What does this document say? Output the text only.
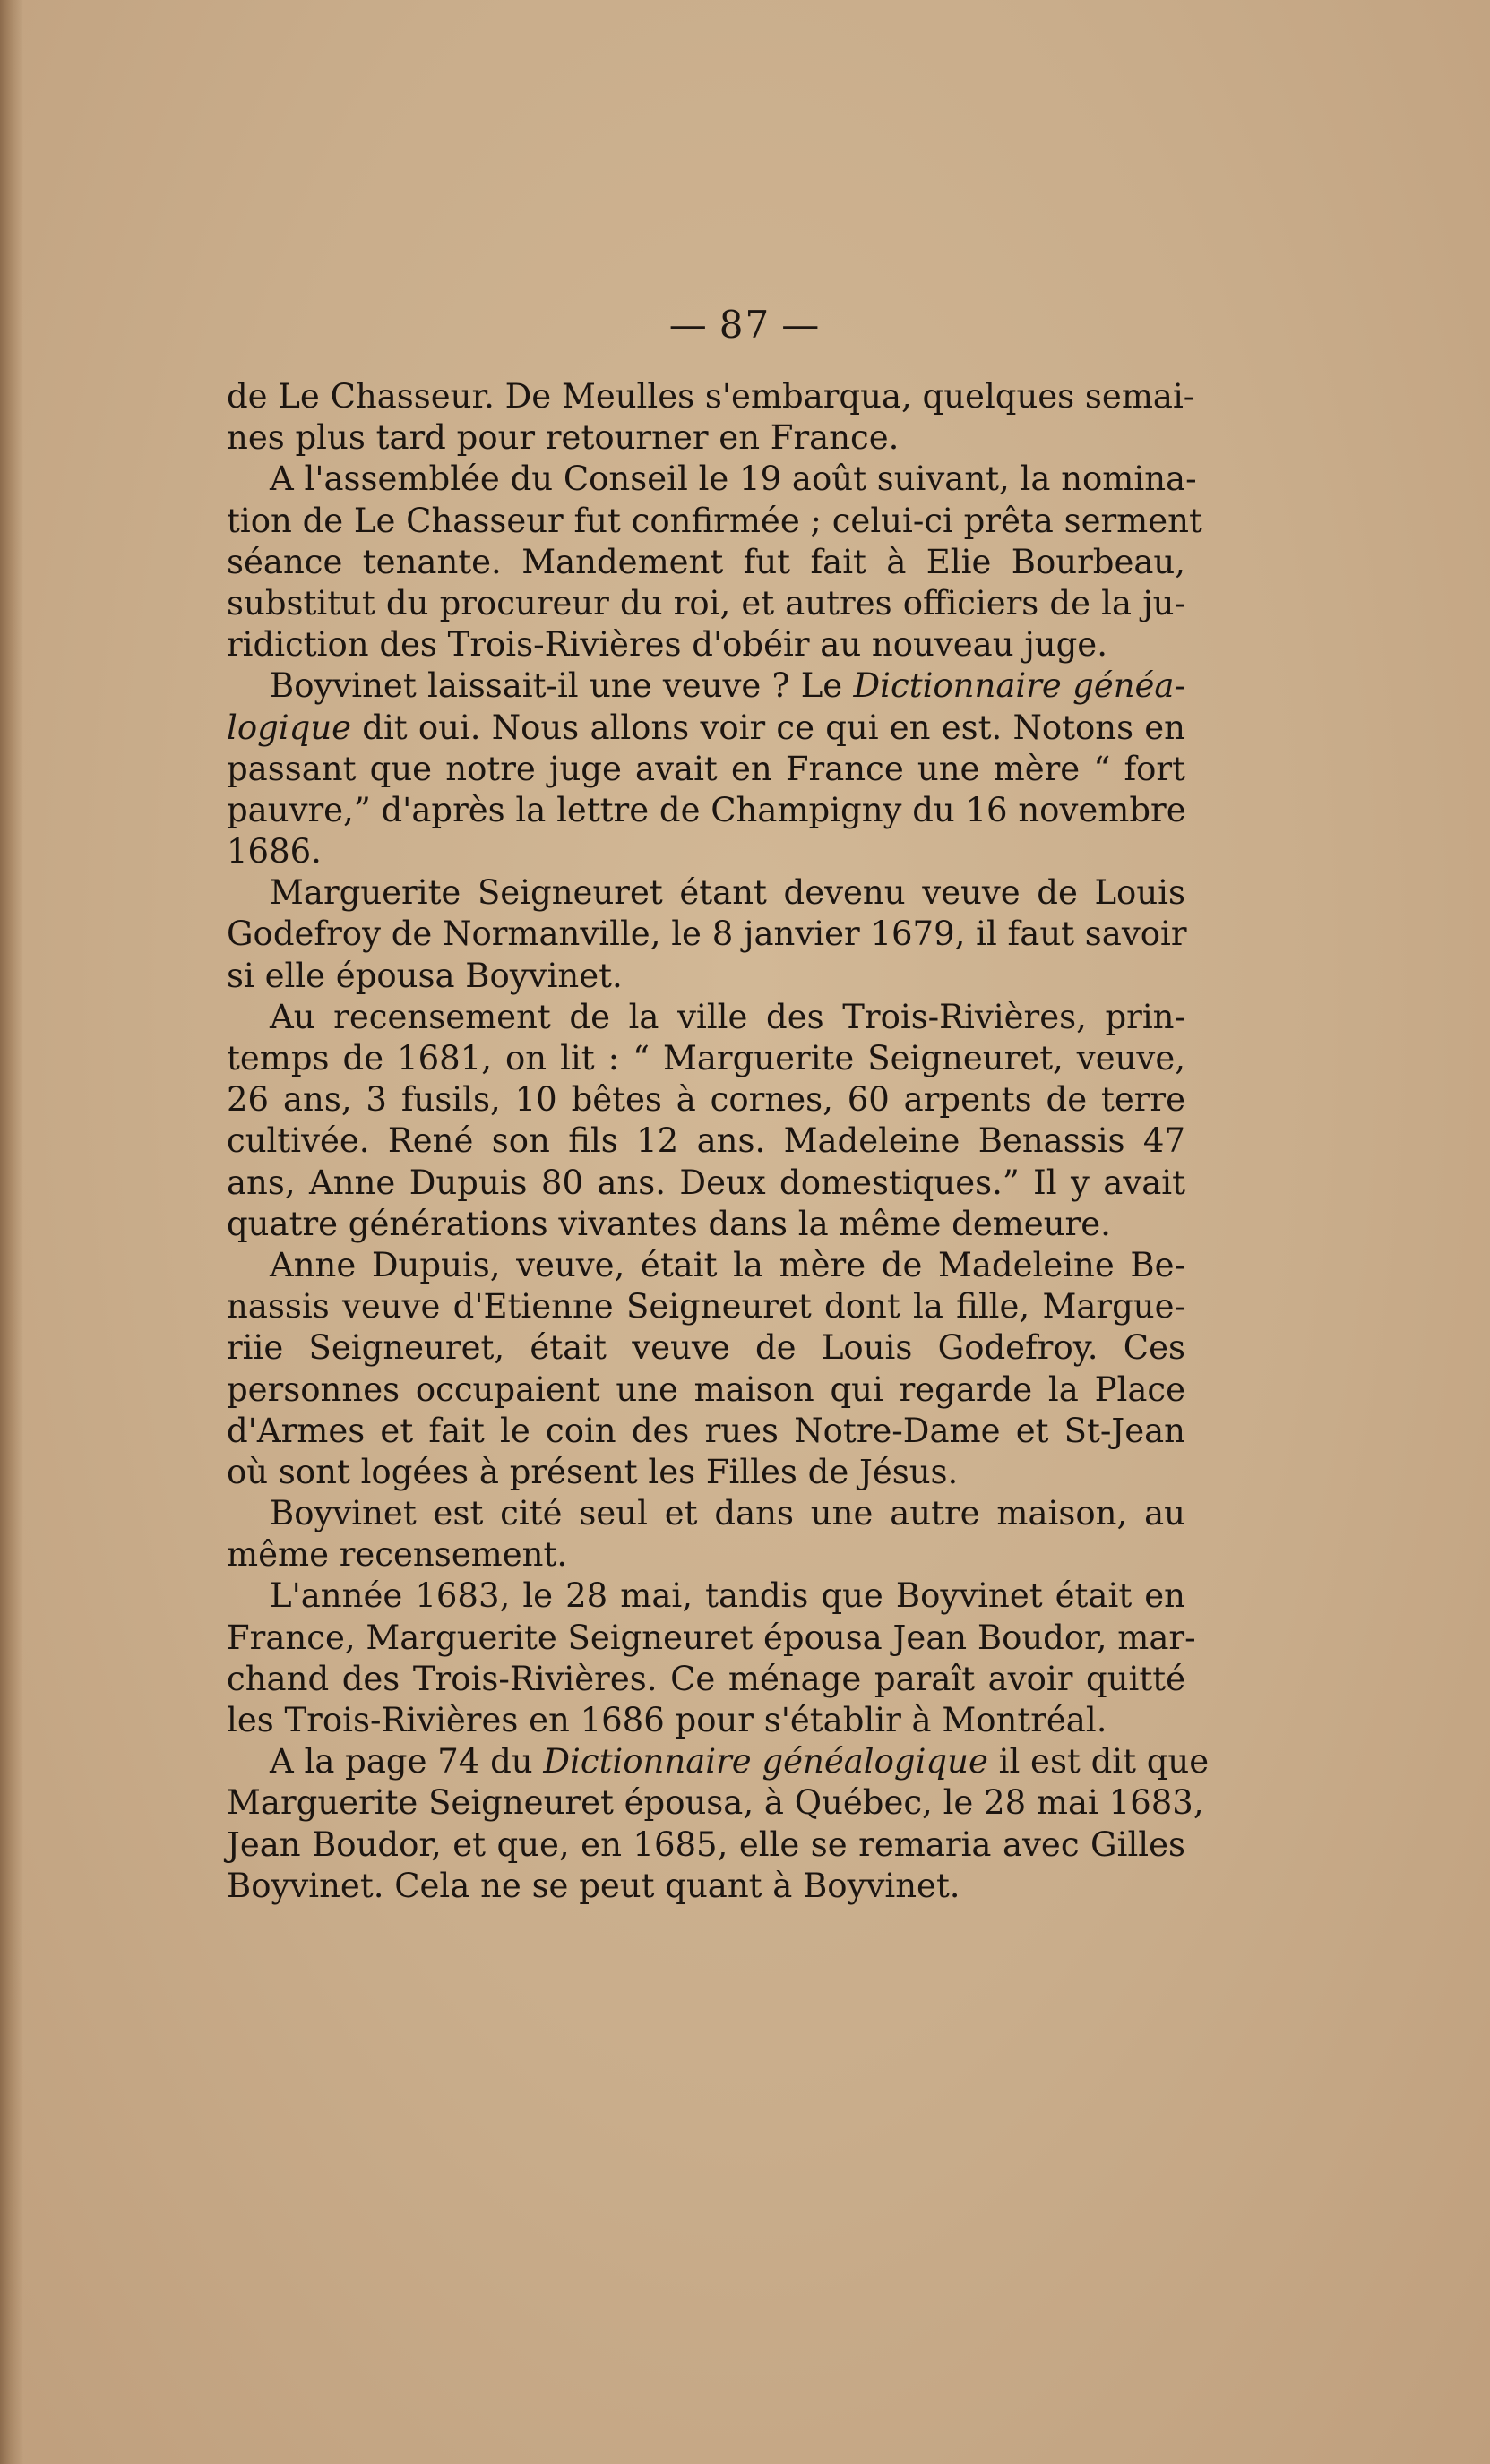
— 87 —
de Le Chasseur. De Meulles s'embarqua, quelques semai-
nes plus tard pour retourner en France.
A l'assemblée du Conseil le 19 août suivant, la nomina-
tion de Le Chasseur fut confirmée ; celui-ci prêta serment
séance tenante. Mandement fut fait à Elie Bourbeau,
substitut du procureur du roi, et autres officiers de la ju-
ridiction des Trois-Rivières d'obéir au nouveau juge.
Boyvinet laissait-il une veuve ? Le Dictionnaire généa-
logique dit oui. Nous allons voir ce qui en est. Notons en
passant que notre juge avait en France une mère “ fort
pauvre,” d'après la lettre de Champigny du 16 novembre
1686.
Marguerite Seigneuret étant devenu veuve de Louis
Godefroy de Normanville, le 8 janvier 1679, il faut savoir
si elle épousa Boyvinet.
Au recensement de la ville des Trois-Rivières, prin-
temps de 1681, on lit : “ Marguerite Seigneuret, veuve,
26 ans, 3 fusils, 10 bêtes à cornes, 60 arpents de terre
cultivée. René son fils 12 ans. Madeleine Benassis 47
ans, Anne Dupuis 80 ans. Deux domestiques.” Il y avait
quatre générations vivantes dans la même demeure.
Anne Dupuis, veuve, était la mère de Madeleine Be-
nassis veuve d'Etienne Seigneuret dont la fille, Margue-
riie Seigneuret, était veuve de Louis Godefroy. Ces
personnes occupaient une maison qui regarde la Place
d'Armes et fait le coin des rues Notre-Dame et St-Jean
où sont logées à présent les Filles de Jésus.
Boyvinet est cité seul et dans une autre maison, au
même recensement.
L'année 1683, le 28 mai, tandis que Boyvinet était en
France, Marguerite Seigneuret épousa Jean Boudor, mar-
chand des Trois-Rivières. Ce ménage paraît avoir quitté
les Trois-Rivières en 1686 pour s'établir à Montréal.
A la page 74 du Dictionnaire généalogique il est dit que
Marguerite Seigneuret épousa, à Québec, le 28 mai 1683,
Jean Boudor, et que, en 1685, elle se remaria avec Gilles
Boyvinet. Cela ne se peut quant à Boyvinet.
